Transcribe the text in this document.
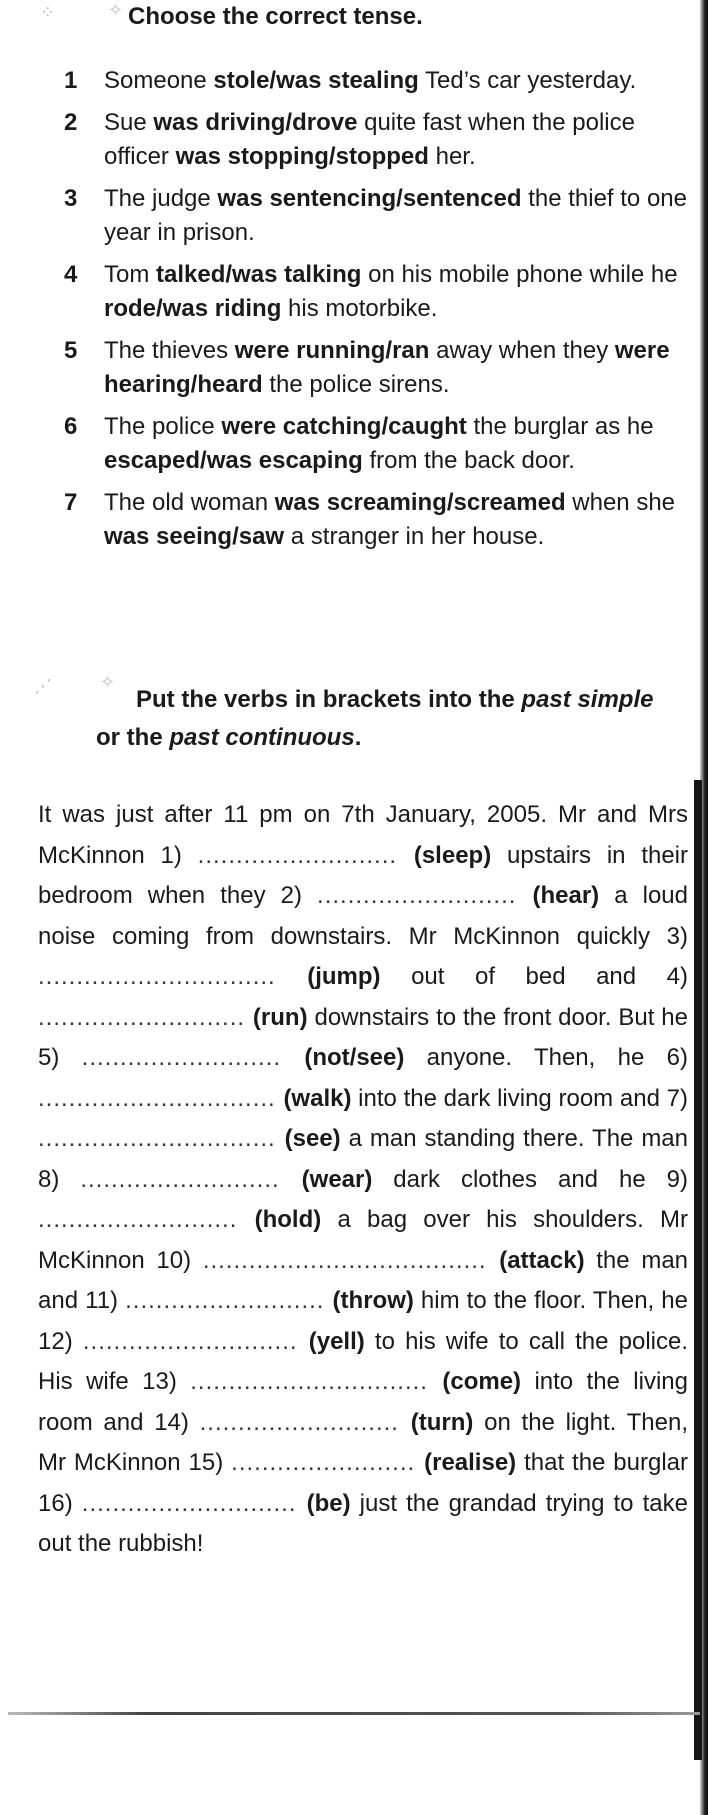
⁘	✧ Choose the correct tense.
1 Someone stole/was stealing Ted’s car yesterday.
2 Sue was driving/drove quite fast when the police officer was stopping/stopped her.
3 The judge was sentencing/sentenced the thief to one year in prison.
4 Tom talked/was talking on his mobile phone while he rode/was riding his motorbike.
5 The thieves were running/ran away when they were hearing/heard the police sirens.
6 The police were catching/caught the burglar as he escaped/was escaping from the back door.
7 The old woman was screaming/screamed when she was seeing/saw a stranger in her house.
⋰	✧
Put the verbs in brackets into the past simple or the past continuous.
It was just after 11 pm on 7th January, 2005. Mr and Mrs McKinnon 1) .......................... (sleep) upstairs in their bedroom when they 2) .......................... (hear) a loud noise coming from downstairs. Mr McKinnon quickly 3) ............................... (jump) out of bed and 4) ........................... (run) downstairs to the front door. But he 5) .......................... (not/see) anyone. Then, he 6) ............................... (walk) into the dark living room and 7) ............................... (see) a man standing there. The man 8) .......................... (wear) dark clothes and he 9) .......................... (hold) a bag over his shoulders. Mr McKinnon 10) ..................................... (attack) the man and 11) .......................... (throw) him to the floor. Then, he 12) ............................ (yell) to his wife to call the police. His wife 13) ............................... (come) into the living room and 14) .......................... (turn) on the light. Then, Mr McKinnon 15) ........................ (realise) that the burglar 16) ............................ (be) just the grandad trying to take out the rubbish!
